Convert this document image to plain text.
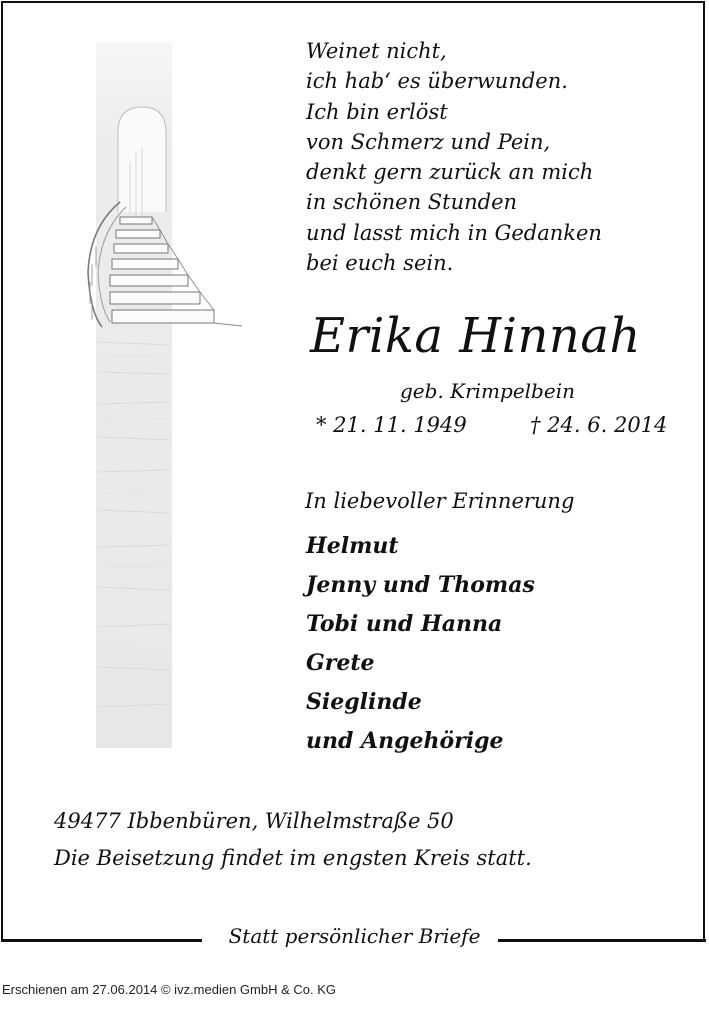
Weinet nicht,
ich hab‘ es überwunden.
Ich bin erlöst
von Schmerz und Pein,
denkt gern zurück an mich
in schönen Stunden
und lasst mich in Gedanken
bei euch sein.
Erika Hinnah
geb. Krimpelbein
* 21. 11. 1949	† 24. 6. 2014
In liebevoller Erinnerung
Helmut
Jenny und Thomas
Tobi und Hanna
Grete
Sieglinde
und Angehörige
49477 Ibbenbüren, Wilhelmstraße 50
Die Beisetzung findet im engsten Kreis statt.
Statt persönlicher Briefe
Erschienen am 27.06.2014 © ivz.medien GmbH & Co. KG
